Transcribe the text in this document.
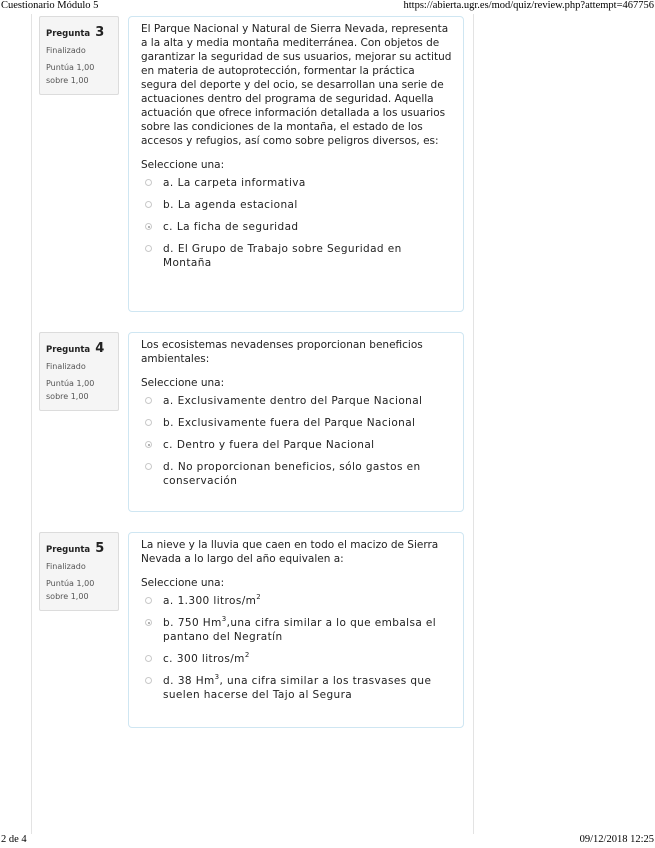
Cuestionario Módulo 5	https://abierta.ugr.es/mod/quiz/review.php?attempt=467756
Pregunta 3
Finalizado
Puntúa 1,00
sobre 1,00

El Parque Nacional y Natural de Sierra Nevada, representa a la alta y media montaña mediterránea. Con objetos de garantizar la seguridad de sus usuarios, mejorar su actitud en materia de autoprotección, formentar la práctica segura del deporte y del ocio, se desarrollan una serie de actuaciones dentro del programa de seguridad. Aquella actuación que ofrece información detallada a los usuarios sobre las condiciones de la montaña, el estado de los accesos y refugios, así como sobre peligros diversos, es:

Seleccione una:

a. La carpeta informativa
b. La agenda estacional
c. La ficha de seguridad
d. El Grupo de Trabajo sobre Seguridad en Montaña
Pregunta 4
Finalizado
Puntúa 1,00
sobre 1,00

Los ecosistemas nevadenses proporcionan beneficios ambientales:

Seleccione una:

a. Exclusivamente dentro del Parque Nacional
b. Exclusivamente fuera del Parque Nacional
c. Dentro y fuera del Parque Nacional
d. No proporcionan beneficios, sólo gastos en conservación
Pregunta 5
Finalizado
Puntúa 1,00
sobre 1,00

La nieve y la lluvia que caen en todo el macizo de Sierra Nevada a lo largo del año equivalen a:

Seleccione una:

a. 1.300 litros/$m^2$
b. 750 Hm$^3$,una cifra similar a lo que embalsa el pantano del Negratín
c. 300 litros/$m^2$
d. 38 Hm$^3$, una cifra similar a los trasvases que suelen hacerse del Tajo al Segura
2 de 4	09/12/2018 12:25
